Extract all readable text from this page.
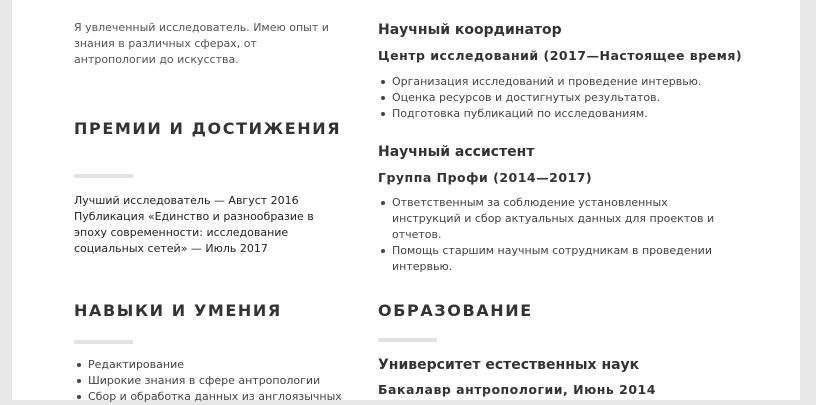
Я увлеченный исследователь. Имею опыт и знания в различных сферах, от антропологии до искусства.
ПРЕМИИ И ДОСТИЖЕНИЯ
Лучший исследователь — Август 2016
Публикация «Единство и разнообразие в эпоху современности: исследование социальных сетей» — Июль 2017
НАВЫКИ И УМЕНИЯ
Редактирование
Широкие знания в сфере антропологии
Сбор и обработка данных из англоязычных
Научный координатор
Центр исследований (2017—Настоящее время)
Организация исследований и проведение интервью.
Оценка ресурсов и достигнутых результатов.
Подготовка публикаций по исследованиям.
Научный ассистент
Группа Профи (2014—2017)
Ответственным за соблюдение установленных инструкций и сбор актуальных данных для проектов и отчетов.
Помощь старшим научным сотрудникам в проведении интервью.
ОБРАЗОВАНИЕ
Университет естественных наук
Бакалавр антропологии, Июнь 2014
